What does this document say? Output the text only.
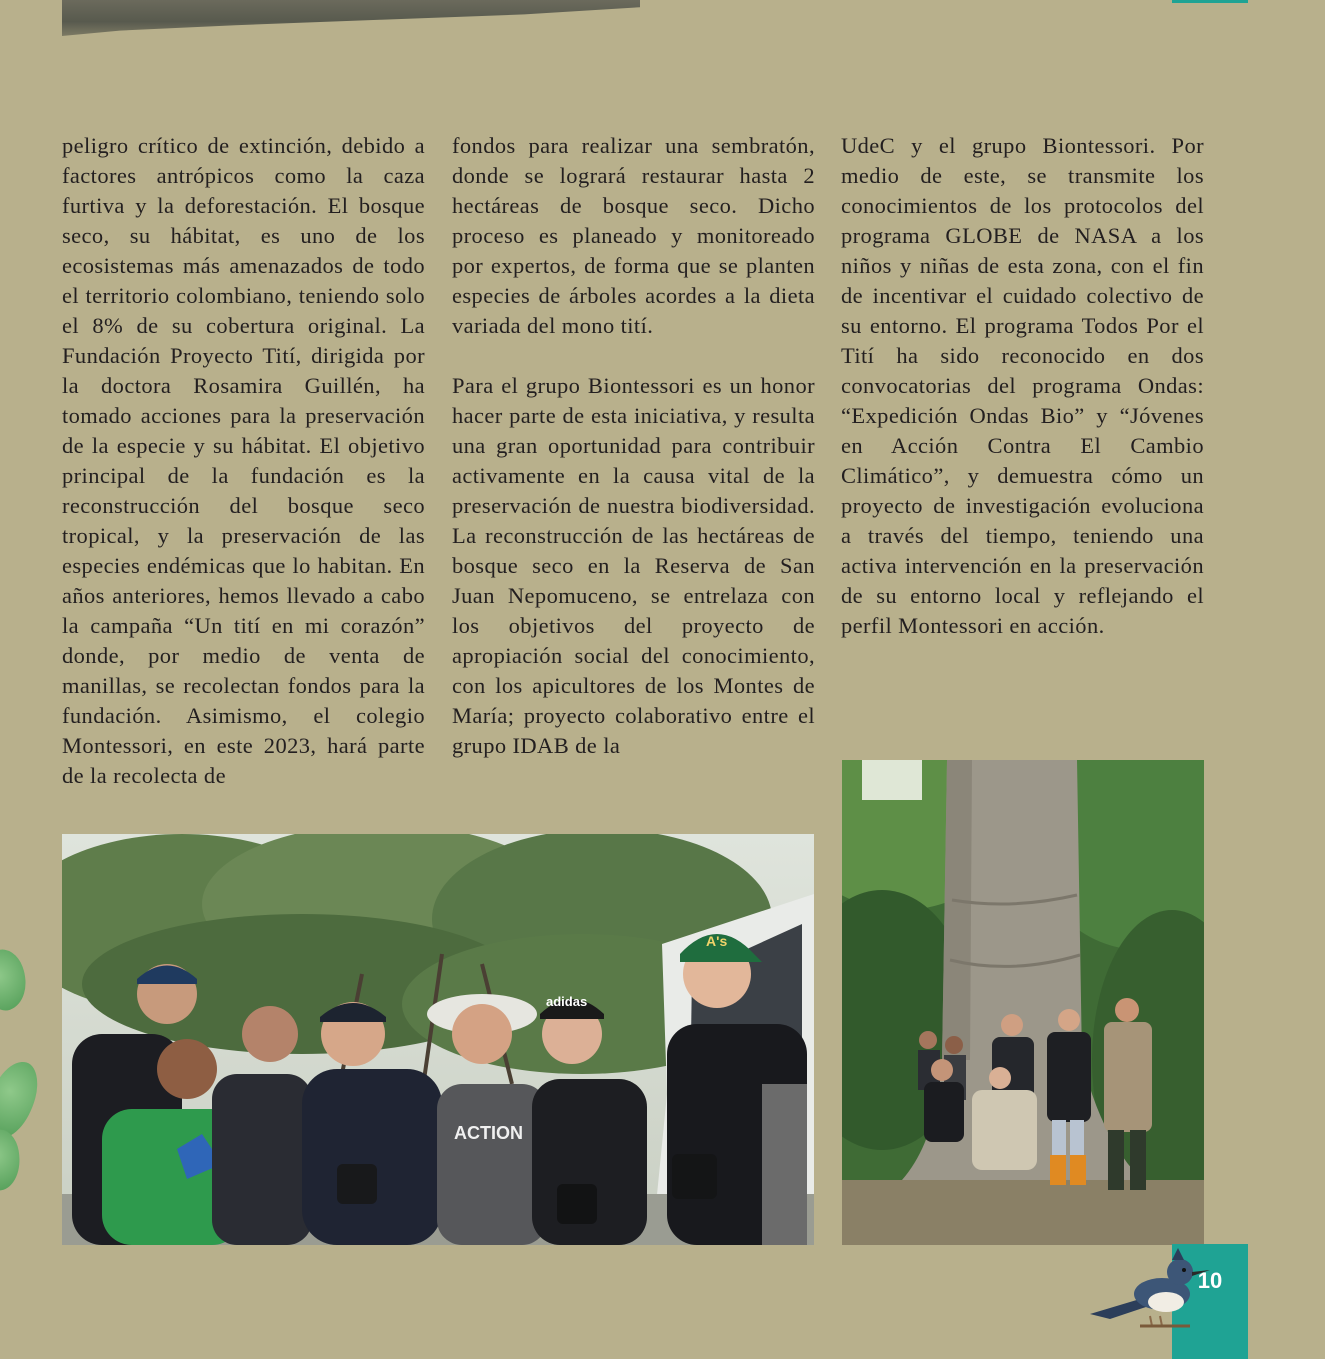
peligro crítico de extinción, debido a factores antrópicos como la caza furtiva y la deforestación. El bosque seco, su hábitat, es uno de los ecosistemas más amenazados de todo el territorio colombiano, teniendo solo el 8% de su cobertura original. La Fundación Proyecto Tití, dirigida por la doctora Rosamira Guillén, ha tomado acciones para la preservación de la especie y su hábitat. El objetivo principal de la fundación es la reconstrucción del bosque seco tropical, y la preservación de las especies endémicas que lo habitan. En años anteriores, hemos llevado a cabo la campaña “Un tití en mi corazón” donde, por medio de venta de manillas, se recolectan fondos para la fundación. Asimismo, el colegio Montessori, en este 2023, hará parte de la recolecta de

fondos para realizar una sembratón, donde se logrará restaurar hasta 2 hectáreas de bosque seco. Dicho proceso es planeado y monitoreado por expertos, de forma que se planten especies de árboles acordes a la dieta variada del mono tití.

Para el grupo Biontessori es un honor hacer parte de esta iniciativa, y resulta una gran oportunidad para contribuir activamente en la causa vital de la preservación de nuestra biodiversidad. La reconstrucción de las hectáreas de bosque seco en la Reserva de San Juan Nepomuceno, se entrelaza con los objetivos del proyecto de apropiación social del conocimiento, con los apicultores de los Montes de María; proyecto colaborativo entre el grupo IDAB de la

UdeC y el grupo Biontessori. Por medio de este, se transmite los conocimientos de los protocolos del programa GLOBE de NASA a los niños y niñas de esta zona, con el fin de incentivar el cuidado colectivo de su entorno. El programa Todos Por el Tití ha sido reconocido en dos convocatorias del programa Ondas: “Expedición Ondas Bio” y “Jóvenes en Acción Contra El Cambio Climático”, y demuestra cómo un proyecto de investigación evoluciona a través del tiempo, teniendo una activa intervención en la preservación de su entorno local y reflejando el perfil Montessori en acción.

ACTION
adidas
A's
10
